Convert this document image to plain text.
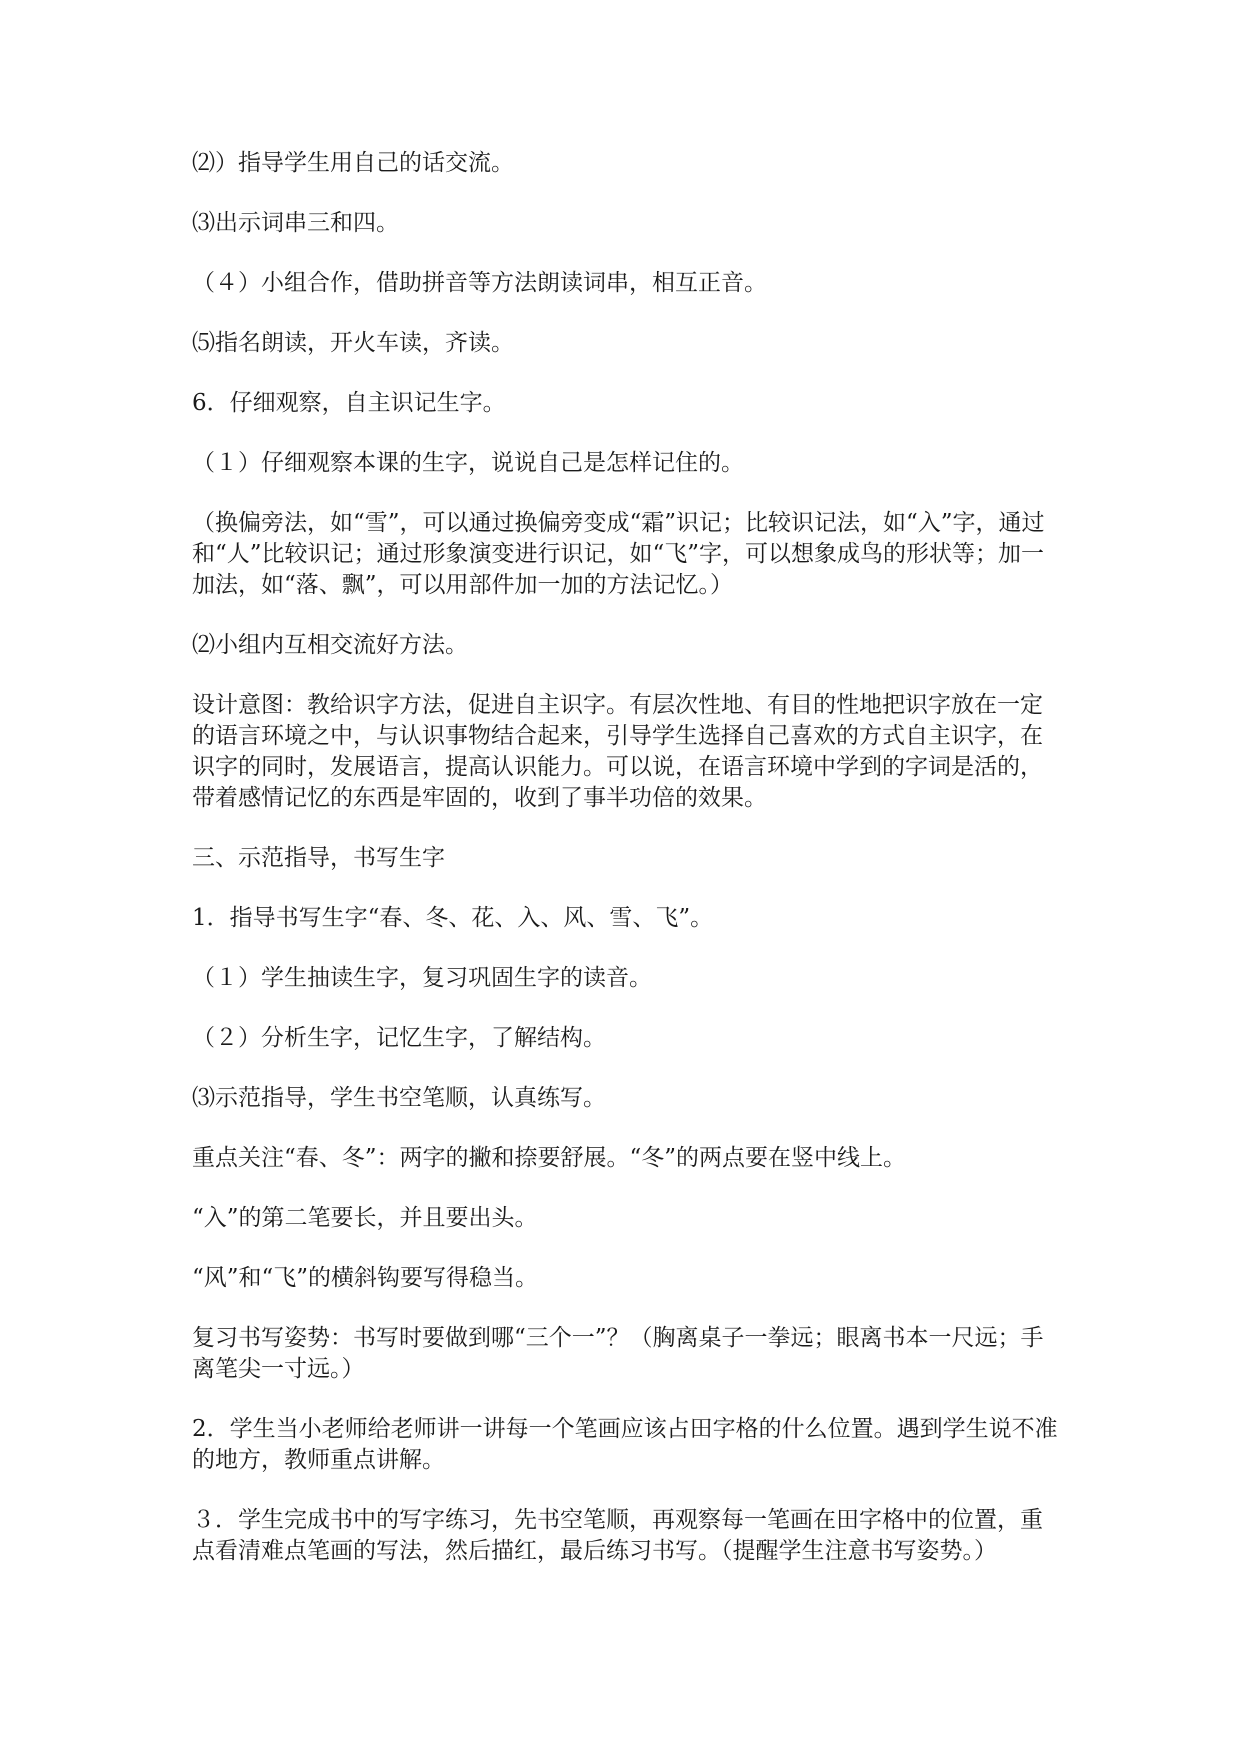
⑵）指导学生用自己的话交流。

⑶出示词串三和四。

（４）小组合作，借助拼音等方法朗读词串，相互正音。

⑸指名朗读，开火车读，齐读。

6．仔细观察，自主识记生字。

（１）仔细观察本课的生字，说说自己是怎样记住的。

（换偏旁法，如“雪”，可以通过换偏旁变成“霜”识记；比较识记法，如“入”字，通过和“人”比较识记；通过形象演变进行识记，如“飞”字，可以想象成鸟的形状等；加一加法，如“落、飘”，可以用部件加一加的方法记忆。）

⑵小组内互相交流好方法。

设计意图：教给识字方法，促进自主识字。有层次性地、有目的性地把识字放在一定的语言环境之中，与认识事物结合起来，引导学生选择自己喜欢的方式自主识字，在识字的同时，发展语言，提高认识能力。可以说，在语言环境中学到的字词是活的，带着感情记忆的东西是牢固的，收到了事半功倍的效果。

三、示范指导，书写生字

1．指导书写生字“春、冬、花、入、风、雪、飞”。

（１）学生抽读生字，复习巩固生字的读音。

（２）分析生字，记忆生字，了解结构。

⑶示范指导，学生书空笔顺，认真练写。

重点关注“春、冬”：两字的撇和捺要舒展。“冬”的两点要在竖中线上。

“入”的第二笔要长，并且要出头。

“风”和“飞”的横斜钩要写得稳当。

复习书写姿势：书写时要做到哪“三个一”？（胸离桌子一拳远；眼离书本一尺远；手离笔尖一寸远。）

2．学生当小老师给老师讲一讲每一个笔画应该占田字格的什么位置。遇到学生说不准的地方，教师重点讲解。

３．学生完成书中的写字练习，先书空笔顺，再观察每一笔画在田字格中的位置，重点看清难点笔画的写法，然后描红，最后练习书写。（提醒学生注意书写姿势。）
